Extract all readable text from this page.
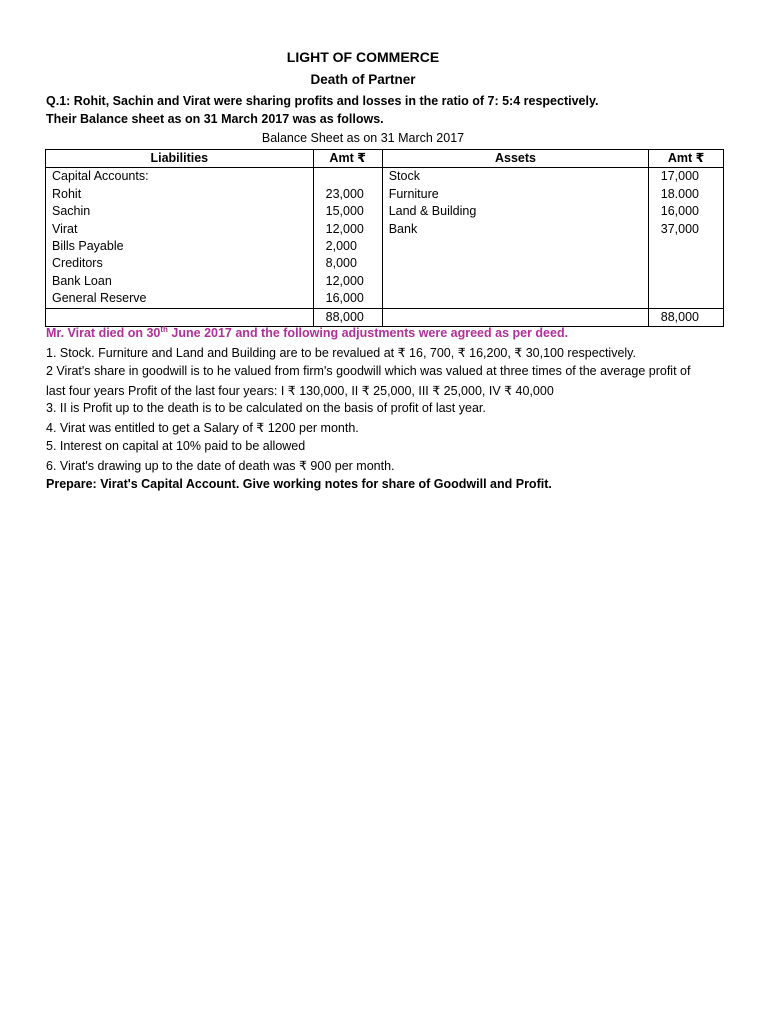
LIGHT OF COMMERCE
Death of Partner
Q.1: Rohit, Sachin and Virat were sharing profits and losses in the ratio of 7: 5:4 respectively.
Their Balance sheet as on 31 March 2017 was as follows.
Balance Sheet as on 31 March 2017
Liabilities	Amt ₹	Assets	Amt ₹
Capital Accounts:		Stock	17,000
Rohit	23,000	Furniture	18.000
Sachin	15,000	Land & Building	16,000
Virat	12,000	Bank	37,000
Bills Payable	2,000		
Creditors	8,000		
Bank Loan	12,000		
General Reserve	16,000		
	88,000		88,000
Mr. Virat died on 30th June 2017 and the following adjustments were agreed as per deed.
1. Stock. Furniture and Land and Building are to be revalued at ₹ 16, 700, ₹ 16,200, ₹ 30,100 respectively.
2 Virat's share in goodwill is to he valued from firm's goodwill which was valued at three times of the average profit of
last four years Profit of the last four years: I ₹ 130,000, II ₹ 25,000, III ₹ 25,000, IV ₹ 40,000
3. II is Profit up to the death is to be calculated on the basis of profit of last year.
4. Virat was entitled to get a Salary of ₹ 1200 per month.
5. Interest on capital at 10% paid to be allowed
6. Virat's drawing up to the date of death was ₹ 900 per month.
Prepare: Virat's Capital Account. Give working notes for share of Goodwill and Profit.
